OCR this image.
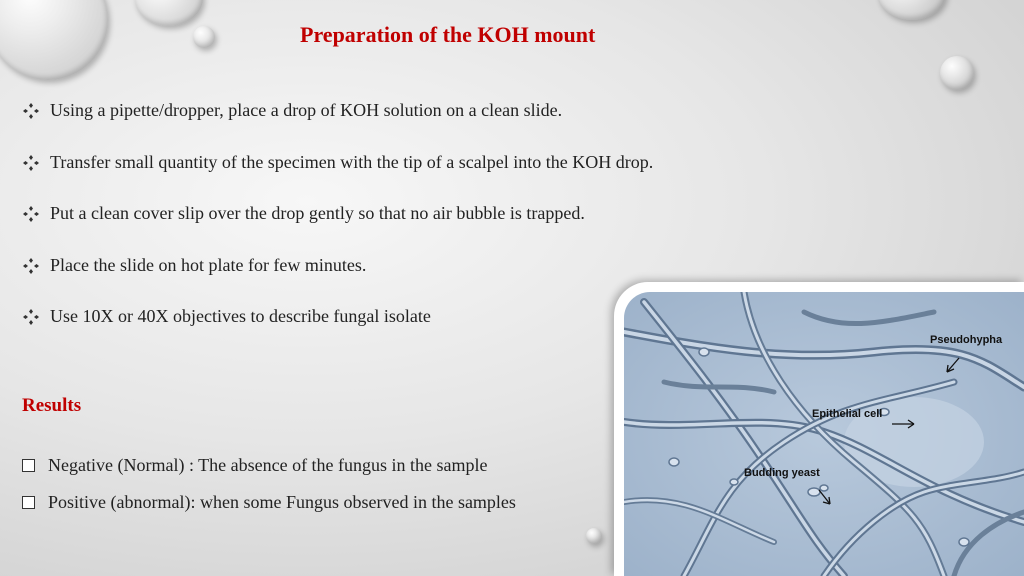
Preparation of the KOH mount
Using a pipette/dropper, place a drop of KOH solution on a clean slide.
Transfer small quantity of the specimen with the tip of a scalpel into the KOH drop.
Put a clean cover slip over the drop gently so that no air bubble is trapped.
Place the slide on hot plate for few minutes.
Use 10X or 40X objectives to describe fungal isolate
Results
Negative (Normal) : The absence of the fungus in the sample
Positive (abnormal): when some Fungus observed in the samples
Pseudohypha
Epithelial cell
Budding yeast
